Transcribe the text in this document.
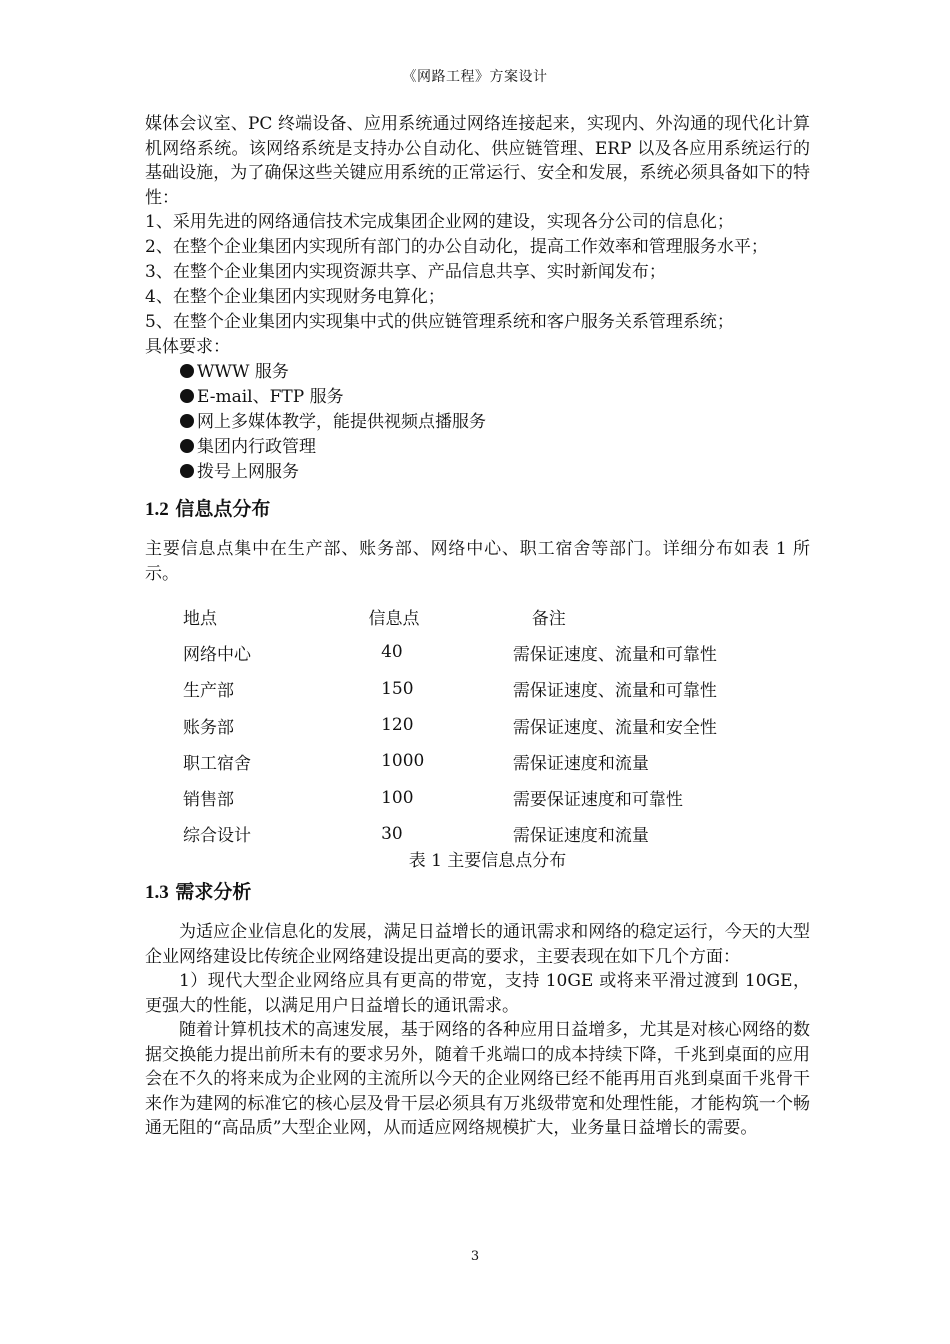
《网路工程》方案设计

媒体会议室、PC 终端设备、应用系统通过网络连接起来，实现内、外沟通的现代化计算机网络系统。该网络系统是支持办公自动化、供应链管理、ERP 以及各应用系统运行的基础设施，为了确保这些关键应用系统的正常运行、安全和发展，系统必须具备如下的特性：

1、采用先进的网络通信技术完成集团企业网的建设，实现各分公司的信息化；

2、在整个企业集团内实现所有部门的办公自动化，提高工作效率和管理服务水平；

3、在整个企业集团内实现资源共享、产品信息共享、实时新闻发布；

4、在整个企业集团内实现财务电算化；

5、在整个企业集团内实现集中式的供应链管理系统和客户服务关系管理系统；

具体要求：

WWW 服务
E-mail、FTP 服务
网上多媒体教学，能提供视频点播服务
集团内行政管理
拨号上网服务
1.2 信息点分布

主要信息点集中在生产部、账务部、网络中心、职工宿舍等部门。详细分布如表 1 所示。

地点	信息点	备注
网络中心	40	需保证速度、流量和可靠性
生产部	150	需保证速度、流量和可靠性
账务部	120	需保证速度、流量和安全性
职工宿舍	1000	需保证速度和流量
销售部	100	需要保证速度和可靠性
综合设计	30	需保证速度和流量
表 1 主要信息点分布
1.3 需求分析

为适应企业信息化的发展，满足日益增长的通讯需求和网络的稳定运行，今天的大型企业网络建设比传统企业网络建设提出更高的要求，主要表现在如下几个方面：

1）现代大型企业网络应具有更高的带宽，支持 10GE 或将来平滑过渡到 10GE，更强大的性能，以满足用户日益增长的通讯需求。

随着计算机技术的高速发展，基于网络的各种应用日益增多，尤其是对核心网络的数据交换能力提出前所未有的要求另外，随着千兆端口的成本持续下降，千兆到桌面的应用会在不久的将来成为企业网的主流所以今天的企业网络已经不能再用百兆到桌面千兆骨干来作为建网的标准它的核心层及骨干层必须具有万兆级带宽和处理性能，才能构筑一个畅通无阻的“高品质”大型企业网，从而适应网络规模扩大，业务量日益增长的需要。

3
